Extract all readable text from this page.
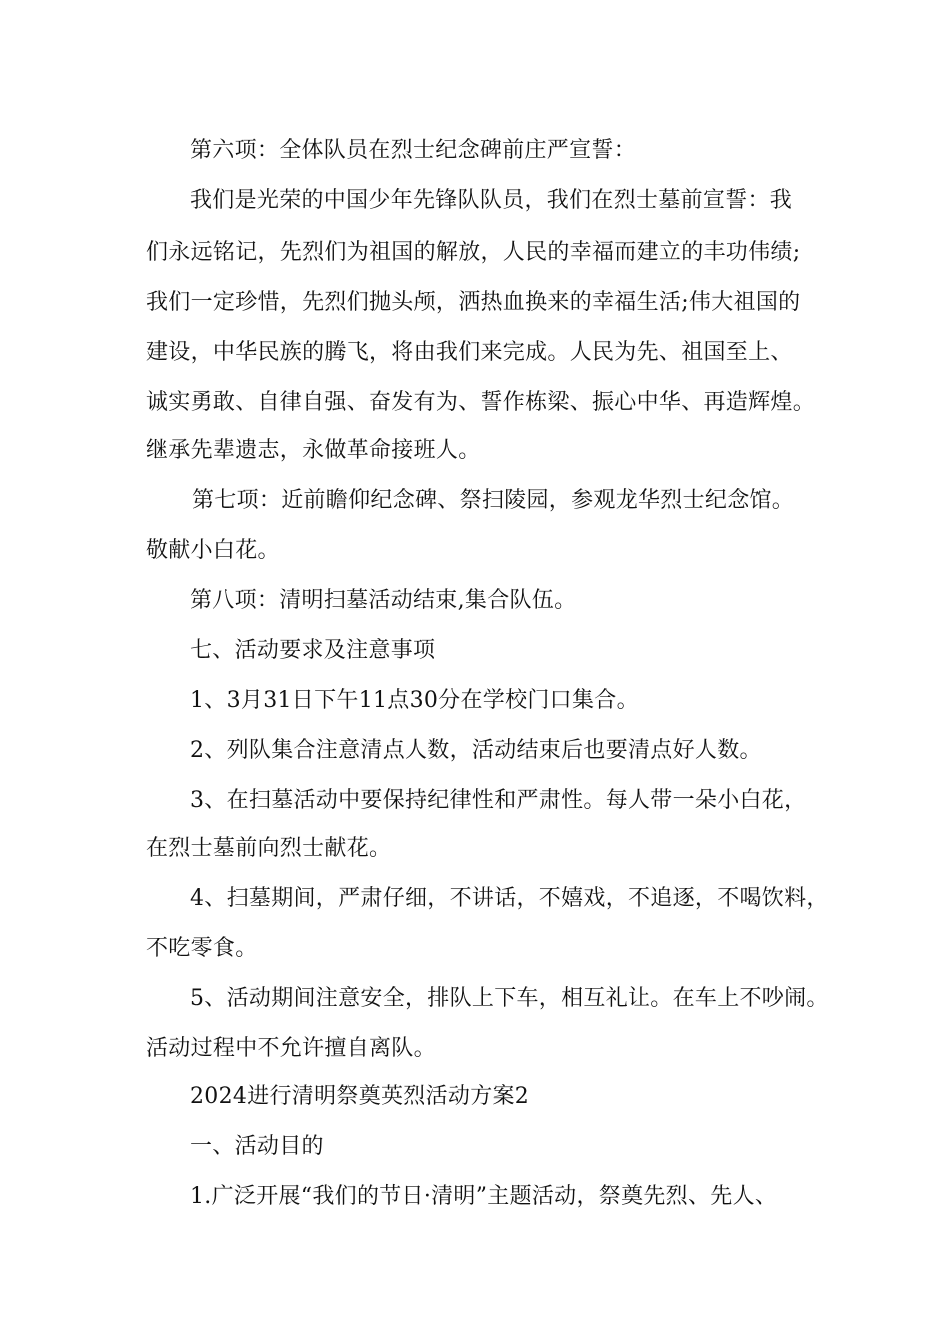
第六项：全体队员在烈士纪念碑前庄严宣誓：
我们是光荣的中国少年先锋队队员，我们在烈士墓前宣誓：我
们永远铭记，先烈们为祖国的解放，人民的幸福而建立的丰功伟绩;
我们一定珍惜，先烈们抛头颅，洒热血换来的幸福生活;伟大祖国的
建设，中华民族的腾飞，将由我们来完成。人民为先、祖国至上、
诚实勇敢、自律自强、奋发有为、誓作栋梁、振心中华、再造辉煌。
继承先辈遗志，永做革命接班人。
第七项：近前瞻仰纪念碑、祭扫陵园，参观龙华烈士纪念馆。
敬献小白花。
第八项：清明扫墓活动结束,集合队伍。
七、活动要求及注意事项
1、3月31日下午11点30分在学校门口集合。
2、列队集合注意清点人数，活动结束后也要清点好人数。
3、在扫墓活动中要保持纪律性和严肃性。每人带一朵小白花，
在烈士墓前向烈士献花。
4、扫墓期间，严肃仔细，不讲话，不嬉戏，不追逐，不喝饮料，
不吃零食。
5、活动期间注意安全，排队上下车，相互礼让。在车上不吵闹。
活动过程中不允许擅自离队。
2024进行清明祭奠英烈活动方案2
一、活动目的
1.广泛开展“我们的节日·清明”主题活动，祭奠先烈、先人、
